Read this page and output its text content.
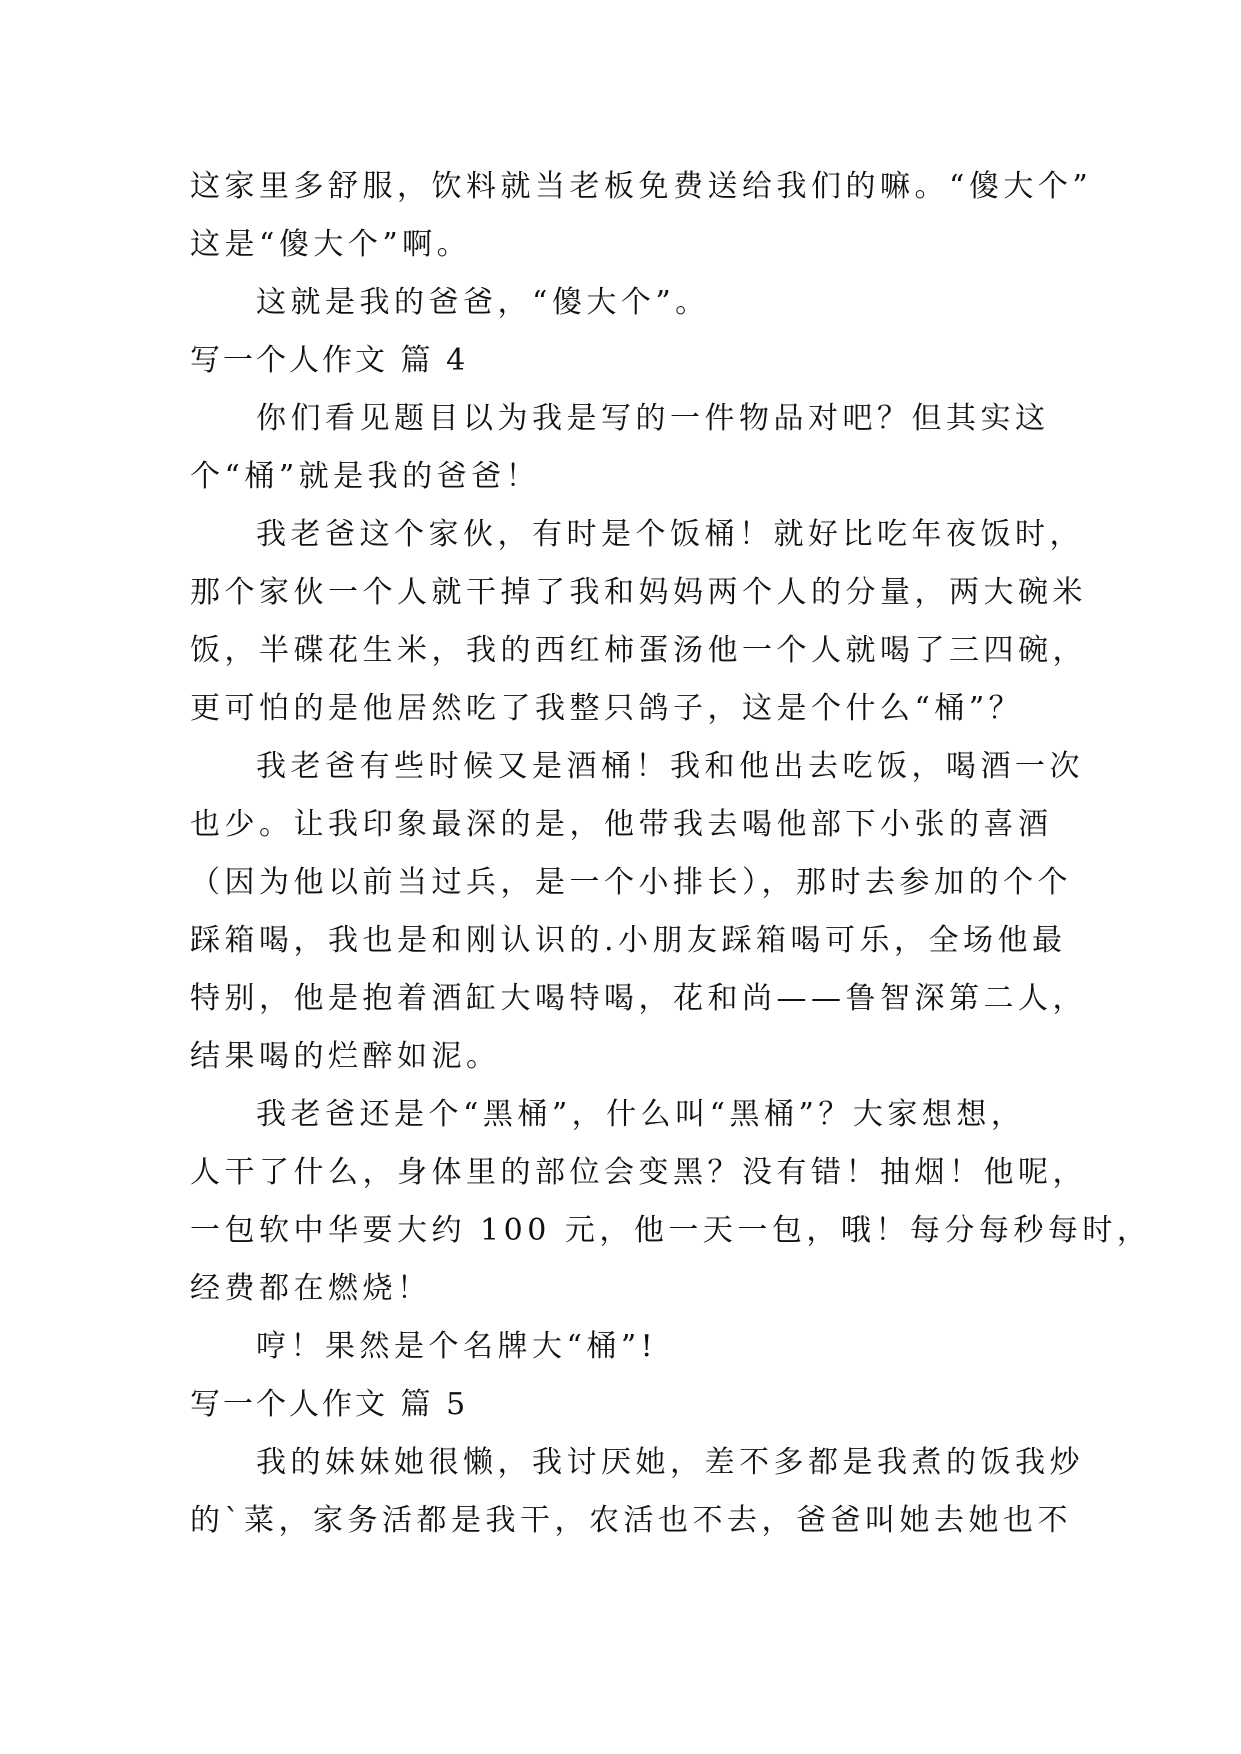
这家里多舒服，饮料就当老板免费送给我们的嘛。“傻大个”
这是“傻大个”啊。
这就是我的爸爸，“傻大个”。
写一个人作文 篇 4
你们看见题目以为我是写的一件物品对吧？但其实这
个“桶”就是我的爸爸！
我老爸这个家伙，有时是个饭桶！就好比吃年夜饭时，
那个家伙一个人就干掉了我和妈妈两个人的分量，两大碗米
饭，半碟花生米，我的西红柿蛋汤他一个人就喝了三四碗，
更可怕的是他居然吃了我整只鸽子，这是个什么“桶”？
我老爸有些时候又是酒桶！我和他出去吃饭，喝酒一次
也少。让我印象最深的是，他带我去喝他部下小张的喜酒
（因为他以前当过兵，是一个小排长），那时去参加的个个
踩箱喝，我也是和刚认识的.小朋友踩箱喝可乐，全场他最
特别，他是抱着酒缸大喝特喝，花和尚——鲁智深第二人，
结果喝的烂醉如泥。
我老爸还是个“黑桶”，什么叫“黑桶”？大家想想，
人干了什么，身体里的部位会变黑？没有错！抽烟！他呢，
一包软中华要大约 100 元，他一天一包，哦！每分每秒每时，
经费都在燃烧！
哼！果然是个名牌大“桶”!
写一个人作文 篇 5
我的妹妹她很懒，我讨厌她，差不多都是我煮的饭我炒
的`菜，家务活都是我干，农活也不去，爸爸叫她去她也不
